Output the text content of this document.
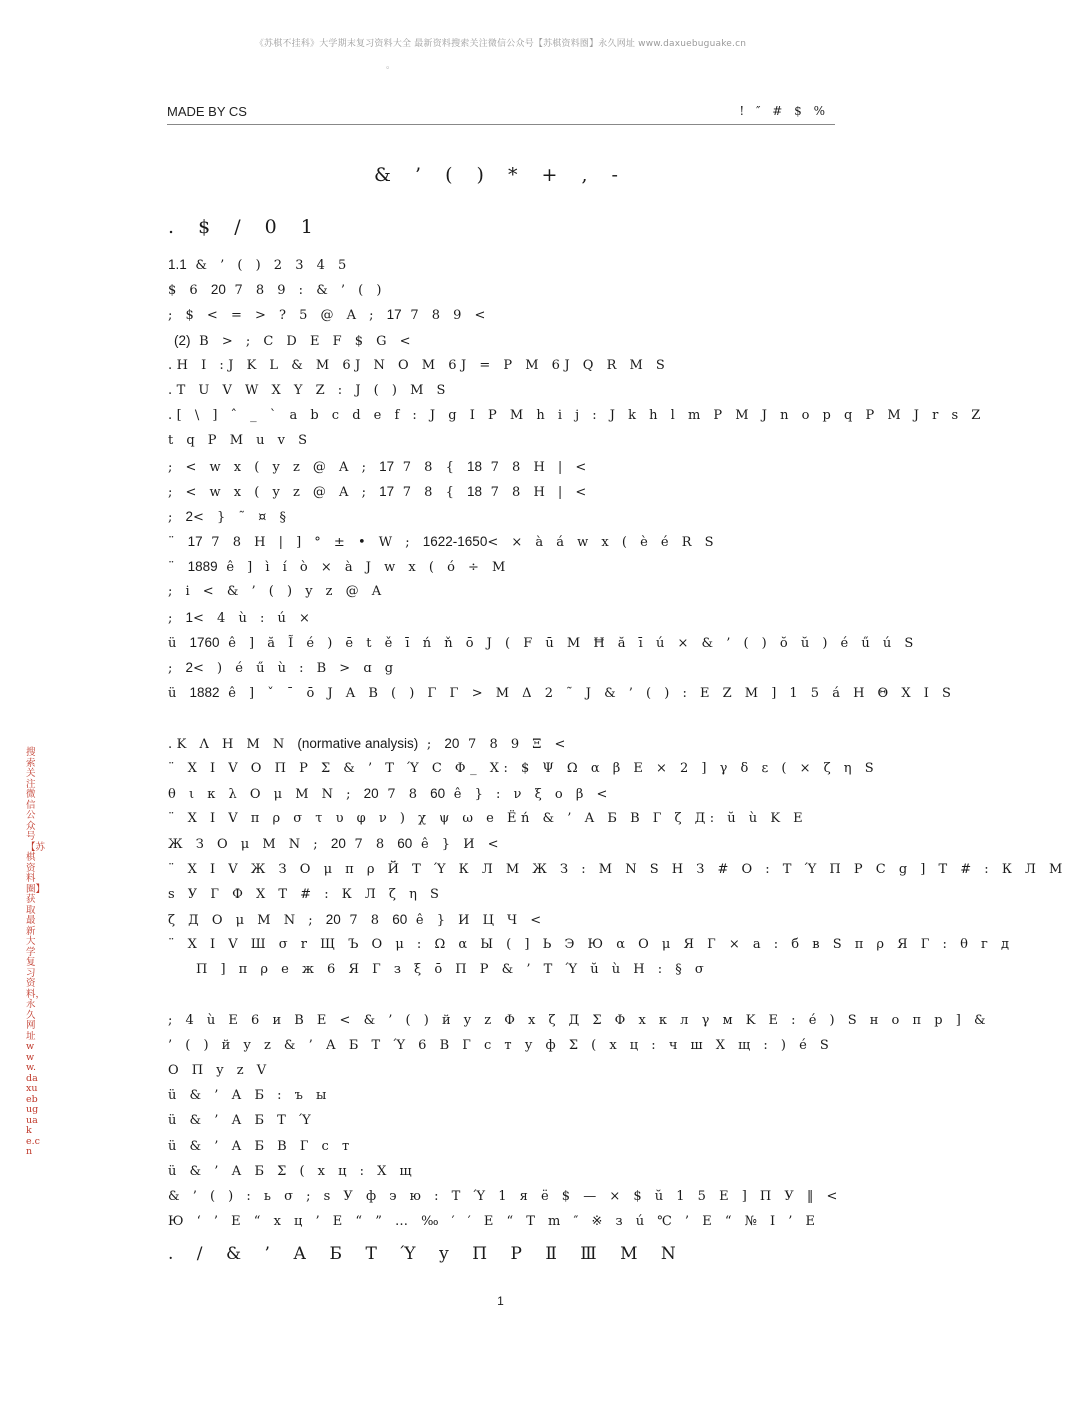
《苏棋不挂科》大学期末复习资料大全 最新资料搜索关注微信公众号【苏棋资料圈】永久网址 www.daxuebuguake.cn
。
MADE BY CS	! ″ # $ %
& ’ ( ) * + , -
. $ / 0 1
1.1 & ’ ( ) 2 3 4 5
$ 6 20 7 8 9 : & ’ ( )
; $ < = > ? 5 @ A ; 17 7 8 9 <
(2) B > ; C D E F $ G <
.H I :J K L & M 6J N O M 6J = P M 6J Q R M S
.T U V W X Y Z : J ( ) M S
.[ \ ] ˆ _ ` a b c d e f : J g I P M h i j : J k h l m P M J n o p q P M J r s Z
t q P M u v S
; < w x ( y z @ A ; 17 7 8 { 18 7 8 H | <
; < w x ( y z @ A ; 17 7 8 { 18 7 8 H | <
; 2< } ˜ ¤ §
¨ 17 7 8 H | ] ° ± • W ; 1622-1650< × à á w x ( è é R S
¨ 1889 ê ] ì í ò × à J w x ( ó ÷ M
; i < & ’ ( ) y z @ A
; 1< 4 ù : ú ×
ü 1760 ê ] ă Ĩ é ) ē t ě ī ń ň ō J ( F ū M Ħ ă ī ú × & ’ ( ) ŏ ŭ ) é ű ú S
; 2< ) é ű ù : B > ɑ g
ü 1882 ê ] ˇ ˉ ō J A B ( ) Γ Γ > M Δ 2 ˜ J & ’ ( ) : E Z M ] 1 5 á H Θ X I S
.K Λ H M N (normative analysis) ; 20 7 8 9 Ξ <
¨ X I V Ο Π Ρ Σ & ’ Τ Ύ C Φ_ X: $ Ψ Ω α β E × 2 ] γ δ ε ( × ζ η S
θ ι κ λ O μ M N ; 20 7 8 60 ê } : ν ξ ο β <
¨ X I V π ρ σ τ υ φ ν ) χ ψ ω e Ёń & ’ А Б В Г ζ Д: ŭ ù K E
Ж З O μ M N ; 20 7 8 60 ê } И <
¨ X I V Ж З O μ π ρ Й Т Ύ К Л М Ж З : M N S Н З # O : Т Ύ П Р C g ] Т # : К Л М
s У Г Ф Х Т # : К Л ζ η S
ζ Д O μ M N ; 20 7 8 60 ê } И Ц Ч <
¨ X I V Ш σ r Щ Ъ O μ : Ω α Ы ( ] Ь Э Ю α O μ Я Г × a : б в S π ρ Я Г : θ г д
П ] π ρ е ж 6 Я Г з ξ ō П Р & ’ Т Ύ ŭ ù Н : § σ
; 4 ù E 6 и В Е < & ’ ( ) й y z Φ x ζ Д Σ Φ x к л γ м K E : é ) S н о п р ] &
’ ( ) й y z & ’ А Б Т Ύ 6 В Г с т у ф Σ ( х ц : ч ш Х щ : ) é S
O П y z V
ü & ’ А Б : ъ ы
ü & ’ А Б Т Ύ
ü & ’ А Б В Г с т
ü & ’ А Б Σ ( х ц : Х щ
& ’ ( ) : ь σ ; s У ф э ю : Т Ύ 1 я ё $ — × $ ŭ 1 5 E ] П У ‖ <
Ю ‘ ’ E “ х ц ’ E “ ” … ‰ ′ ′ E “ Т m ″ ※ з ú ℃ ’ E “ № Ⅰ ’ E
. / & ’ А Б Т Ύ у П Р Ⅱ Ⅲ M N
1
搜索关注微信公众号【苏棋资料圈】获取最新大学复习资料，永久网址 www.daxuebuguake.cn
